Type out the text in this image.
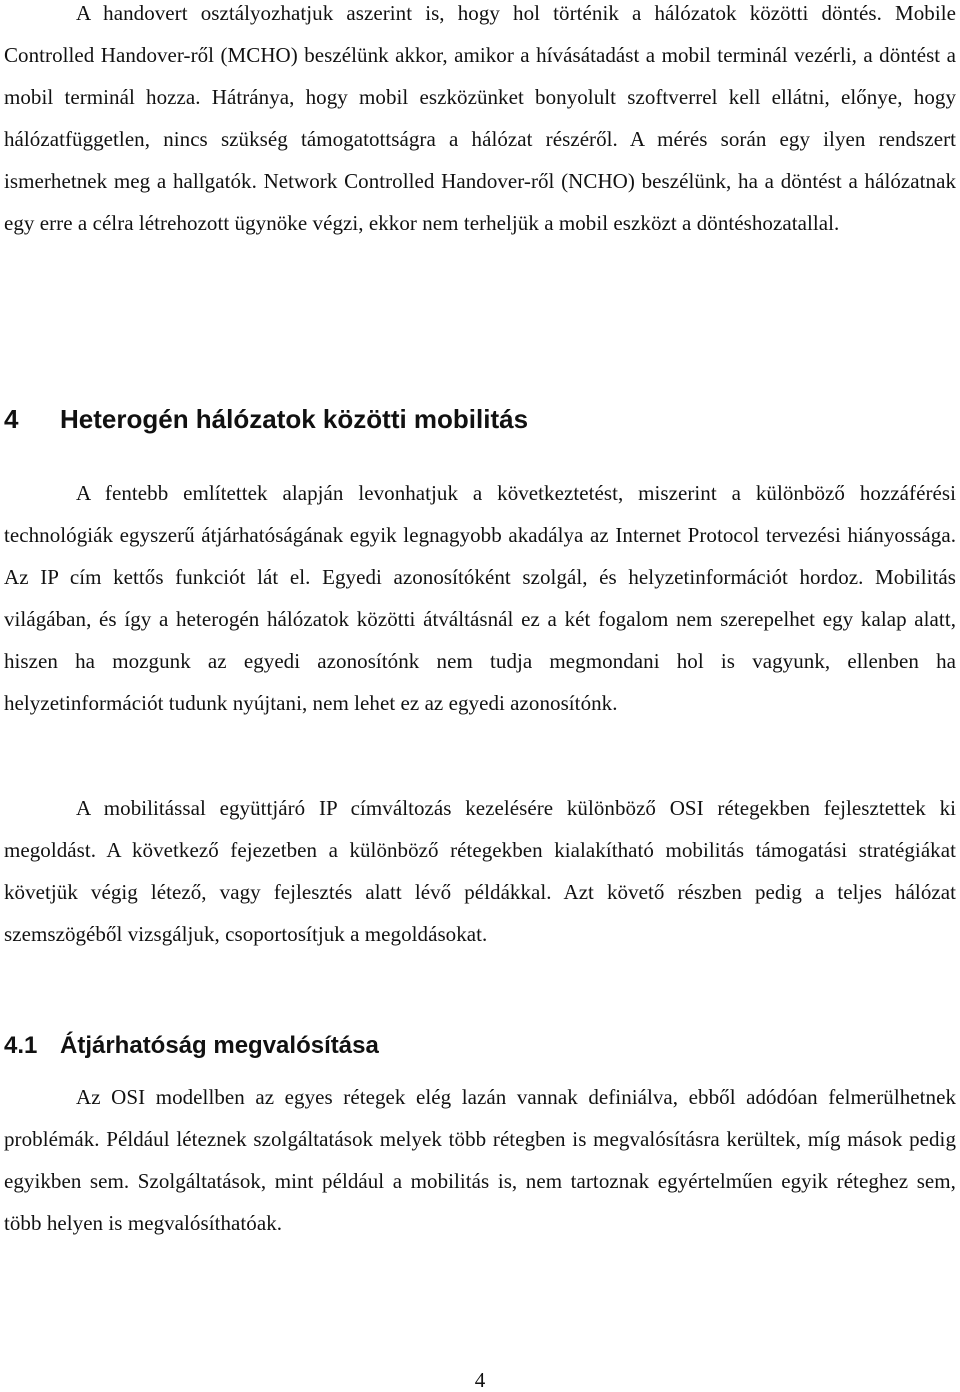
A handovert osztályozhatjuk aszerint is, hogy hol történik a hálózatok közötti döntés. Mobile Controlled Handover-ről (MCHO) beszélünk akkor, amikor a hívásátadást a mobil terminál vezérli, a döntést a mobil terminál hozza. Hátránya, hogy mobil eszközünket bonyolult szoftverrel kell ellátni, előnye, hogy hálózatfüggetlen, nincs szükség támogatottságra a hálózat részéről. A mérés során egy ilyen rendszert ismerhetnek meg a hallgatók. Network Controlled Handover-ről (NCHO) beszélünk, ha a döntést a hálózatnak egy erre a célra létrehozott ügynöke végzi, ekkor nem terheljük a mobil eszközt a döntéshozatallal.

4 Heterogén hálózatok közötti mobilitás

A fentebb említettek alapján levonhatjuk a következtetést, miszerint a különböző hozzáférési technológiák egyszerű átjárhatóságának egyik legnagyobb akadálya az Internet Protocol tervezési hiányossága. Az IP cím kettős funkciót lát el. Egyedi azonosítóként szolgál, és helyzetinformációt hordoz. Mobilitás világában, és így a heterogén hálózatok közötti átváltásnál ez a két fogalom nem szerepelhet egy kalap alatt, hiszen ha mozgunk az egyedi azonosítónk nem tudja megmondani hol is vagyunk, ellenben ha helyzetinformációt tudunk nyújtani, nem lehet ez az egyedi azonosítónk.

A mobilitással együttjáró IP címváltozás kezelésére különböző OSI rétegekben fejlesztettek ki megoldást. A következő fejezetben a különböző rétegekben kialakítható mobilitás támogatási stratégiákat követjük végig létező, vagy fejlesztés alatt lévő példákkal. Azt követő részben pedig a teljes hálózat szemszögéből vizsgáljuk, csoportosítjuk a megoldásokat.

4.1 Átjárhatóság megvalósítása

Az OSI modellben az egyes rétegek elég lazán vannak definiálva, ebből adódóan felmerülhetnek problémák. Például léteznek szolgáltatások melyek több rétegben is megvalósításra kerültek, míg mások pedig egyikben sem. Szolgáltatások, mint például a mobilitás is, nem tartoznak egyértelműen egyik réteghez sem, több helyen is megvalósíthatóak.

4
